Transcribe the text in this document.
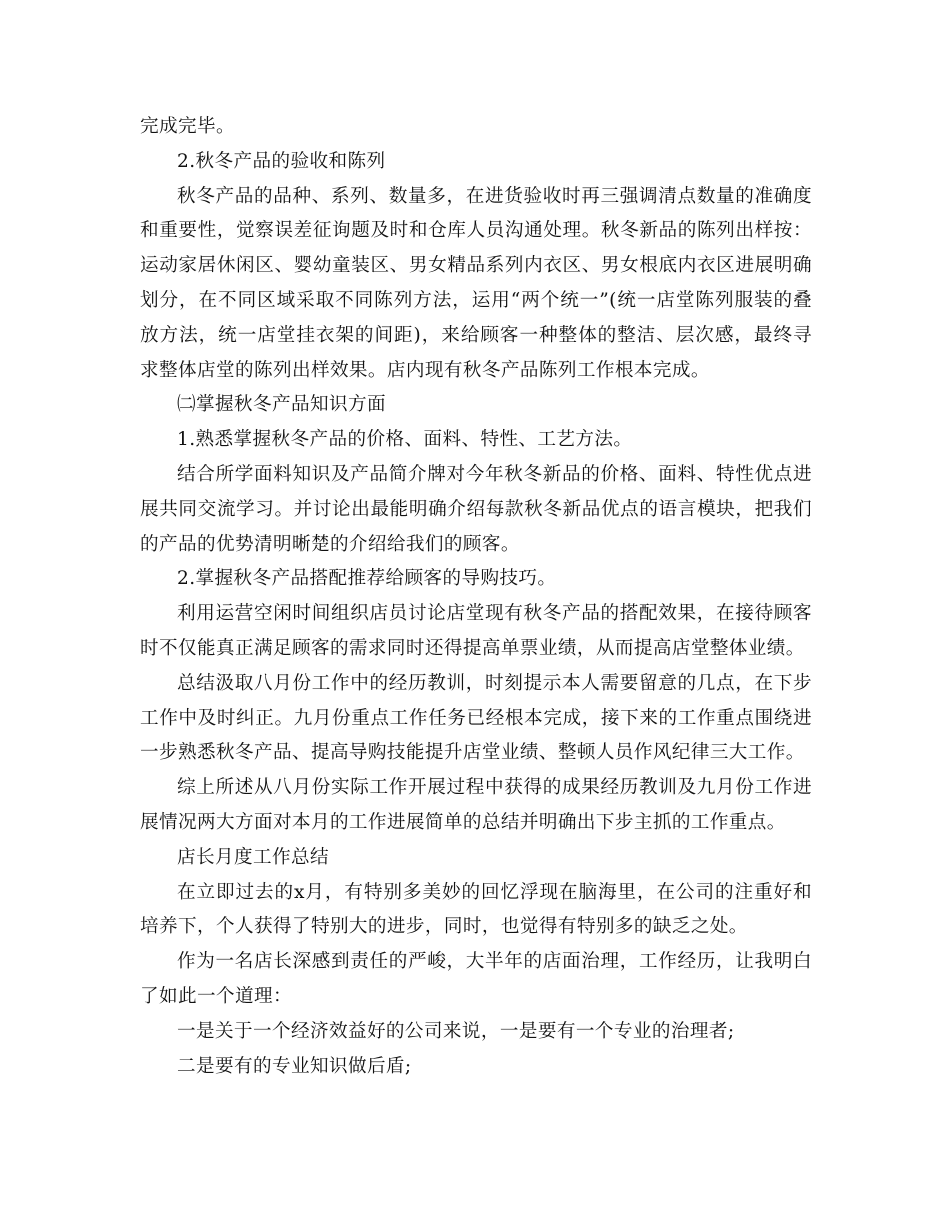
完成完毕。

2.秋冬产品的验收和陈列

秋冬产品的品种、系列、数量多，在进货验收时再三强调清点数量的准确度和重要性，觉察误差征询题及时和仓库人员沟通处理。秋冬新品的陈列出样按：运动家居休闲区、婴幼童装区、男女精品系列内衣区、男女根底内衣区进展明确划分，在不同区域采取不同陈列方法，运用“两个统一”(统一店堂陈列服装的叠放方法，统一店堂挂衣架的间距)，来给顾客一种整体的整洁、层次感，最终寻求整体店堂的陈列出样效果。店内现有秋冬产品陈列工作根本完成。

㈡掌握秋冬产品知识方面

1.熟悉掌握秋冬产品的价格、面料、特性、工艺方法。

结合所学面料知识及产品简介牌对今年秋冬新品的价格、面料、特性优点进展共同交流学习。并讨论出最能明确介绍每款秋冬新品优点的语言模块，把我们的产品的优势清明晰楚的介绍给我们的顾客。

2.掌握秋冬产品搭配推荐给顾客的导购技巧。

利用运营空闲时间组织店员讨论店堂现有秋冬产品的搭配效果，在接待顾客时不仅能真正满足顾客的需求同时还得提高单票业绩，从而提高店堂整体业绩。

总结汲取八月份工作中的经历教训，时刻提示本人需要留意的几点，在下步工作中及时纠正。九月份重点工作任务已经根本完成，接下来的工作重点围绕进一步熟悉秋冬产品、提高导购技能提升店堂业绩、整顿人员作风纪律三大工作。

综上所述从八月份实际工作开展过程中获得的成果经历教训及九月份工作进展情况两大方面对本月的工作进展简单的总结并明确出下步主抓的工作重点。

店长月度工作总结

在立即过去的x月，有特别多美妙的回忆浮现在脑海里，在公司的注重好和培养下，个人获得了特别大的进步，同时，也觉得有特别多的缺乏之处。

作为一名店长深感到责任的严峻，大半年的店面治理，工作经历，让我明白了如此一个道理：

一是关于一个经济效益好的公司来说，一是要有一个专业的治理者;

二是要有的专业知识做后盾;
